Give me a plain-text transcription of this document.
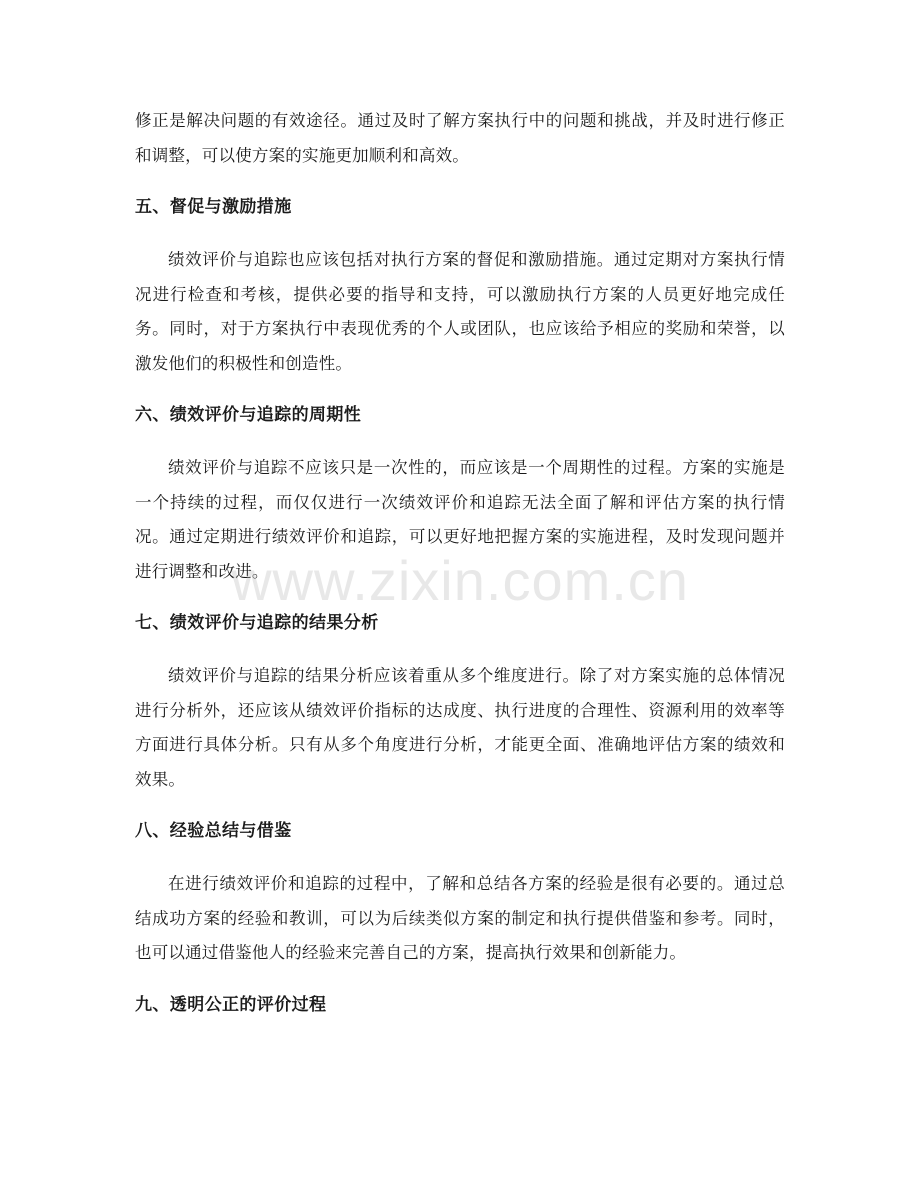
修正是解决问题的有效途径。通过及时了解方案执行中的问题和挑战，并及时进行修正和调整，可以使方案的实施更加顺利和高效。

五、督促与激励措施

绩效评价与追踪也应该包括对执行方案的督促和激励措施。通过定期对方案执行情况进行检查和考核，提供必要的指导和支持，可以激励执行方案的人员更好地完成任务。同时，对于方案执行中表现优秀的个人或团队，也应该给予相应的奖励和荣誉，以激发他们的积极性和创造性。

六、绩效评价与追踪的周期性

绩效评价与追踪不应该只是一次性的，而应该是一个周期性的过程。方案的实施是一个持续的过程，而仅仅进行一次绩效评价和追踪无法全面了解和评估方案的执行情况。通过定期进行绩效评价和追踪，可以更好地把握方案的实施进程，及时发现问题并进行调整和改进。

七、绩效评价与追踪的结果分析

绩效评价与追踪的结果分析应该着重从多个维度进行。除了对方案实施的总体情况进行分析外，还应该从绩效评价指标的达成度、执行进度的合理性、资源利用的效率等方面进行具体分析。只有从多个角度进行分析，才能更全面、准确地评估方案的绩效和效果。

八、经验总结与借鉴

在进行绩效评价和追踪的过程中，了解和总结各方案的经验是很有必要的。通过总结成功方案的经验和教训，可以为后续类似方案的制定和执行提供借鉴和参考。同时，也可以通过借鉴他人的经验来完善自己的方案，提高执行效果和创新能力。

九、透明公正的评价过程
www.zixin.com.cn
